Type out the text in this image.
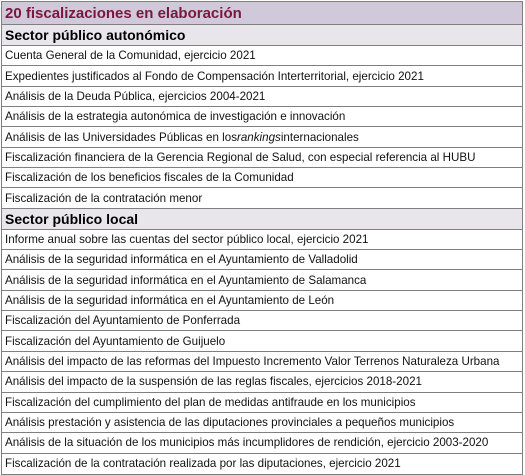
20 fiscalizaciones en elaboración
Sector público autonómico
Cuenta General de la Comunidad, ejercicio 2021
Expedientes justificados al Fondo de Compensación Interterritorial, ejercicio 2021
Análisis de la Deuda Pública, ejercicios 2004-2021
Análisis de la estrategia autonómica de investigación e innovación
Análisis de las Universidades Públicas en los rankings internacionales
Fiscalización financiera de la Gerencia Regional de Salud, con especial referencia al HUBU
Fiscalización de los beneficios fiscales de la Comunidad
Fiscalización de la contratación menor
Sector público local
Informe anual sobre las cuentas del sector público local, ejercicio 2021
Análisis de la seguridad informática en el Ayuntamiento de Valladolid
Análisis de la seguridad informática en el Ayuntamiento de Salamanca
Análisis de la seguridad informática en el Ayuntamiento de León
Fiscalización del Ayuntamiento de Ponferrada
Fiscalización del Ayuntamiento de Guijuelo
Análisis del impacto de las reformas del Impuesto Incremento Valor Terrenos Naturaleza Urbana
Análisis del impacto de la suspensión de las reglas fiscales, ejercicios 2018-2021
Fiscalización del cumplimiento del plan de medidas antifraude en los municipios
Análisis prestación y asistencia de las diputaciones provinciales a pequeños municipios
Análisis de la situación de los municipios más incumplidores de rendición, ejercicio 2003-2020
Fiscalización de la contratación realizada por las diputaciones, ejercicio 2021
